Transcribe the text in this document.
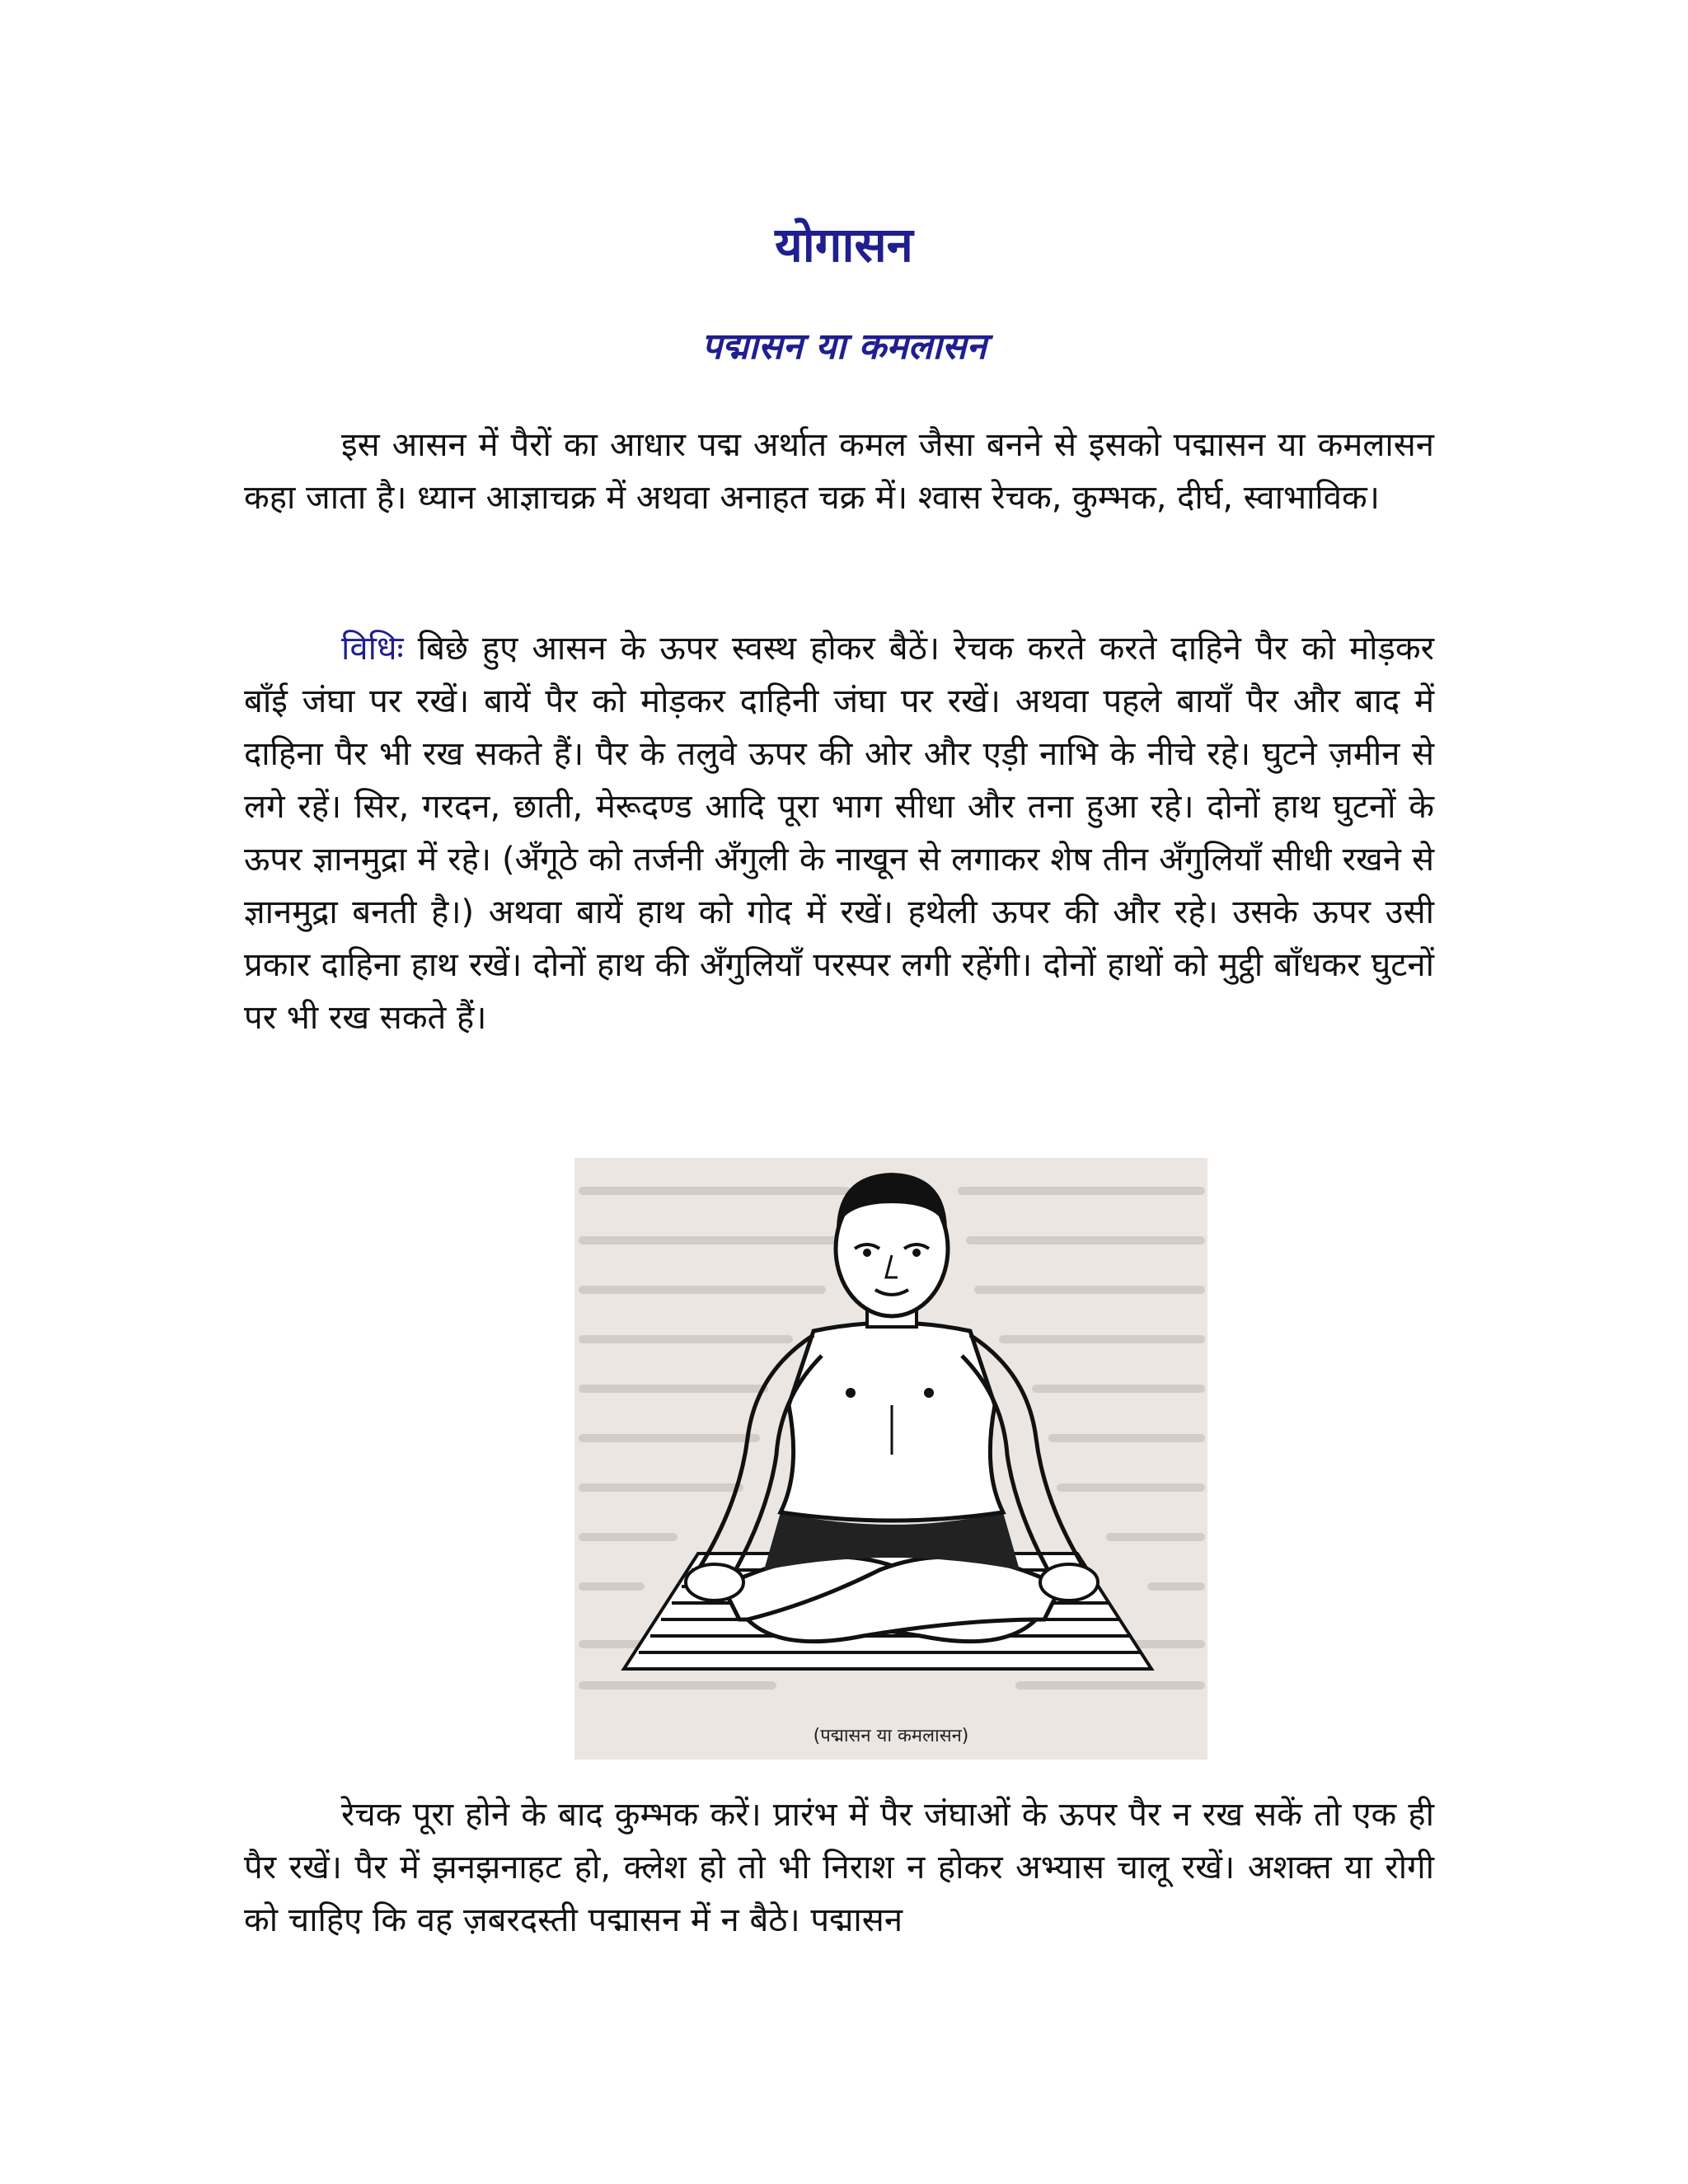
योगासन
पद्मासन या कमलासन

इस आसन में पैरों का आधार पद्म अर्थात कमल जैसा बनने से इसको पद्मासन या कमलासन कहा जाता है। ध्यान आज्ञाचक्र में अथवा अनाहत चक्र में। श्वास रेचक, कुम्भक, दीर्घ, स्वाभाविक।

विधिः बिछे हुए आसन के ऊपर स्वस्थ होकर बैठें। रेचक करते करते दाहिने पैर को मोड़कर बाँई जंघा पर रखें। बायें पैर को मोड़कर दाहिनी जंघा पर रखें। अथवा पहले बायाँ पैर और बाद में दाहिना पैर भी रख सकते हैं। पैर के तलुवे ऊपर की ओर और एड़ी नाभि के नीचे रहे। घुटने ज़मीन से लगे रहें। सिर, गरदन, छाती, मेरूदण्ड आदि पूरा भाग सीधा और तना हुआ रहे। दोनों हाथ घुटनों के ऊपर ज्ञानमुद्रा में रहे। (अँगूठे को तर्जनी अँगुली के नाखून से लगाकर शेष तीन अँगुलियाँ सीधी रखने से ज्ञानमुद्रा बनती है।) अथवा बायें हाथ को गोद में रखें। हथेली ऊपर की और रहे। उसके ऊपर उसी प्रकार दाहिना हाथ रखें। दोनों हाथ की अँगुलियाँ परस्पर लगी रहेंगी। दोनों हाथों को मुट्ठी बाँधकर घुटनों पर भी रख सकते हैं।

(पद्मासन या कमलासन)

रेचक पूरा होने के बाद कुम्भक करें। प्रारंभ में पैर जंघाओं के ऊपर पैर न रख सकें तो एक ही पैर रखें। पैर में झनझनाहट हो, क्लेश हो तो भी निराश न होकर अभ्यास चालू रखें। अशक्त या रोगी को चाहिए कि वह ज़बरदस्ती पद्मासन में न बैठे। पद्मासन
